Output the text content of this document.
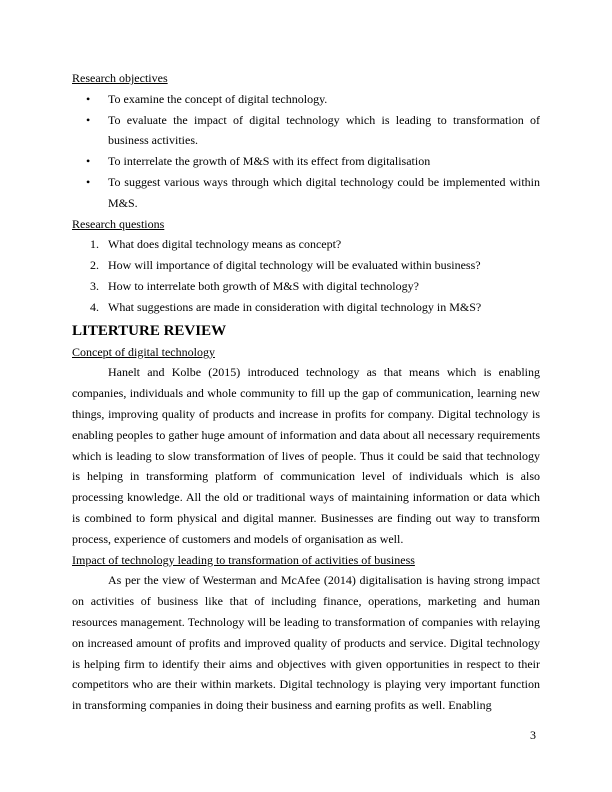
Research objectives

• To examine the concept of digital technology.
• To evaluate the impact of digital technology which is leading to transformation of business activities.
• To interrelate the growth of M&S with its effect from digitalisation
• To suggest various ways through which digital technology could be implemented within M&S.

Research questions

1. What does digital technology means as concept?
2. How will importance of digital technology will be evaluated within business?
3. How to interrelate both growth of M&S with digital technology?
4. What suggestions are made in consideration with digital technology in M&S?
LITERTURE REVIEW

Concept of digital technology

Hanelt and Kolbe (2015) introduced technology as that means which is enabling companies, individuals and whole community to fill up the gap of communication, learning new things, improving quality of products and increase in profits for company. Digital technology is enabling peoples to gather huge amount of information and data about all necessary requirements which is leading to slow transformation of lives of people. Thus it could be said that technology is helping in transforming platform of communication level of individuals which is also processing knowledge. All the old or traditional ways of maintaining information or data which is combined to form physical and digital manner. Businesses are finding out way to transform process, experience of customers and models of organisation as well.

Impact of technology leading to transformation of activities of business

As per the view of Westerman and McAfee (2014) digitalisation is having strong impact on activities of business like that of including finance, operations, marketing and human resources management. Technology will be leading to transformation of companies with relaying on increased amount of profits and improved quality of products and service. Digital technology is helping firm to identify their aims and objectives with given opportunities in respect to their competitors who are their within markets. Digital technology is playing very important function in transforming companies in doing their business and earning profits as well. Enabling

3
